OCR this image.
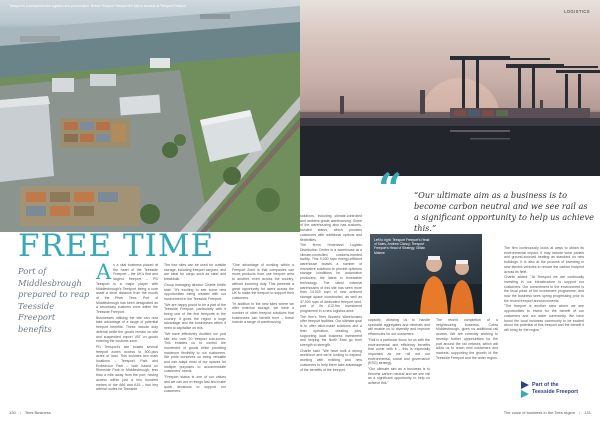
Teesport is a comprehensive logistics and port solution. Below: Freeport Teesport the key to success at Teesport Freeport
LOGISTICS
“ “Our ultimate aim as a business is to become carbon neutral and we see rail as a significant opportunity to help us achieve this.”
FREE TIME
Port of Middlesbrough prepared to reap Teesside Freeport benefits
A s a vital business placed at the heart of the Teesside Freeport – the UK's first and largest freeport – PD Teesport is a major player with Middlesbrough's Teesport being a core asset a short distance from the mouth of the River Tees. Port of Middlesbrough has been designated as a secondary customs zone within the Teesside Freeport.

Businesses utilising the site can now take advantage of a range of potential freeport benefits. These include duty deferral while the goods remain on site and suspended import VAT on goods entering the customs zone.

PD Teesport's site boasts several freeport zones access to 500-plus acres of land. This includes two main locations – Teesport, Park and Endeavour Park – both based on Riverside Park in Middlesbrough, less than a mile away from the port, having access within just a few hundred metres of the A66 and A19 – two key arterial routes for Teesside.

The four sites can be used for outside storage, including freeport cargoes, and are ideal for cargo such as steel and breakbulk.

Group managing director Charlie Kettle said: "It's exciting to see some new opportunities being created with our involvement in the Teesside Freeport.

"We are happy proud to be a part of the Teesside Freeport, particularly with it being one of the first freeports in the country. It gives the region a huge advantage and the businesses within it need to capitalise on this.

"We have effectively doubled our port site into over 20 freeport sub-zones. This enables us to control the movement of goods while providing maximum flexibility to our customers. We pride ourselves on being versatile and can adapt most of our spaces for multiple purposes to accommodate customers' needs.

"Freeport status is one of our values and we can act on things fast and make quick decisions to support our customers.

"One advantage of working within a Freeport Zone is that companies can move products from one freeport area to another, even across the country, without incurring duty. This presents a great opportunity for users across the UK to make the freeport to support their customers.

"In addition to the new sites where we offer external storage, we have a number of other freeport solutions that businesses can benefit from – these include a range of warehousing

solutions, including climate-controlled and ambient grade warehousing. Some of the warehousing also has customs-bonded status, which provides customers with additional options and flexibilities.

The firm's Hinterland Logistic Distribution Centre is a warehouse at a climate-controlled, customs-bonded facility. This 9,000 sqm energy-efficient warehouse boasts a number of innovative solutions to provide optimum storage conditions for automotive producers, the latest in renewable technology. The latest external warehouses of this site has seen more than 14,000 sqm of new ambient storage space constructed, as well as 37,000 sqm of dedicated freeport land, part of its £12.5m investment programme in a new logistics area.

The firm's Tees Bonded Warehouses offer freeport facilities. Our ultimate goal is to offer tailor-made solutions and a lean operation, creating jobs, supporting local business investment and helping the North East go from strength to strength.

Charlie said: "We have built a strong workforce and we're looking to expand, working with existing and new customers to help them take advantage of the benefits of the freeport.

Left to right: Teesport Freeport's Head of Sales, Andrew Clancy; Teesport Freeport's Head of Strategy, Gillian Malone

capacity, allowing us to handle specialist aggregates and minerals and will enable us to diversify and improve efficiencies for our customers.

"Rail is a particular focus for us with the environmental and efficiency benefits that come with it – this is especially important as we roll out our environmental, social and governance (ESG) strategy.

"Our ultimate aim as a business is to become carbon neutral and we see rail as a significant opportunity to help us achieve this."

The recent completion of a neighbouring business, Cobra Middlesbrough, gives us additional rail access. We are currently working to develop further opportunities for the port around the rail network, which will allow us to reach new customers and markets, supporting the growth of the Teesside Freeport and the wider region.

The firm continuously looks at ways to obtain its environmental impact. It may include solar panels and ground-sourced heating as standard on new buildings. It is also at the process of investing in new electric vehicles to reduce the carbon footprint across its fleet.

Charlie added: "At Teesport we are continually investing in our infrastructure to support our customers. Our commitment to the environment is the focal piece of the investment programme, and now the business sees spring progressing prior to the recent freeport announcements.

"The freeport is another area where we see opportunities to invest for the benefit of our customers and our wider community. We have found the local business community to be excited about the potential of this freeport and the benefit it will bring for the region."

Part of the
Teesside Freeport
130 | Tees Business	The voice of business in the Tees region | 131
